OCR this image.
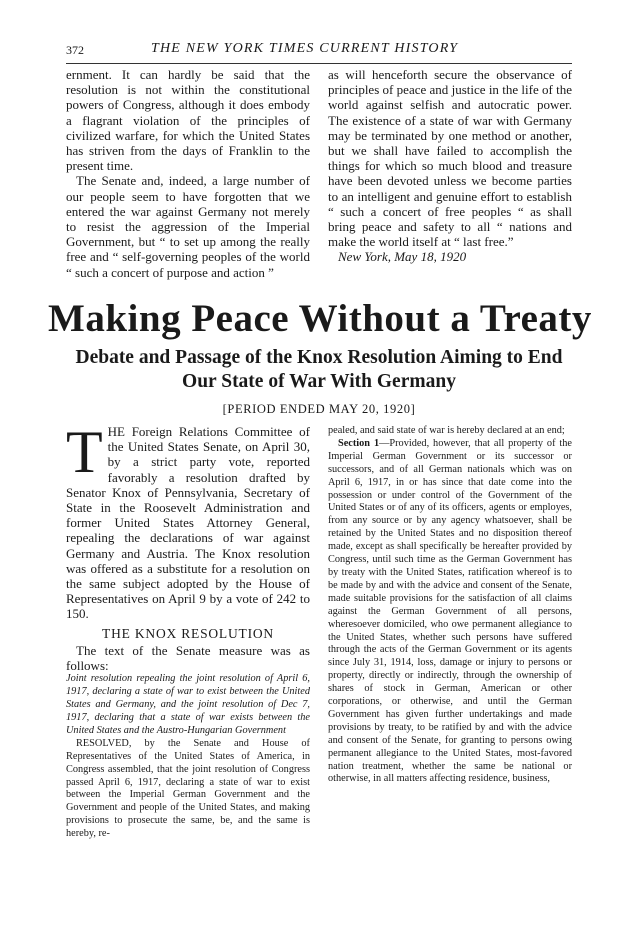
372	THE NEW YORK TIMES CURRENT HISTORY

ernment. It can hardly be said that the resolution is not within the constitutional powers of Congress, although it does embody a flagrant violation of the principles of civilized warfare, for which the United States has striven from the days of Franklin to the present time.

The Senate and, indeed, a large number of our people seem to have forgotten that we entered the war against Germany not merely to resist the aggression of the Imperial Government, but “ to set up among the really free and “ self-governing peoples of the world “ such a concert of purpose and action ”

as will henceforth secure the observance of principles of peace and justice in the life of the world against selfish and autocratic power. The existence of a state of war with Germany may be terminated by one method or another, but we shall have failed to accomplish the things for which so much blood and treasure have been devoted unless we become parties to an intelligent and genuine effort to establish “ such a concert of free peoples “ as shall bring peace and safety to all “ nations and make the world itself at “ last free.”

New York, May 18, 1920

Making Peace Without a Treaty
Debate and Passage of the Knox Resolution Aiming to End Our State of War With Germany
[PERIOD ENDED MAY 20, 1920]

THE Foreign Relations Committee of the United States Senate, on April 30, by a strict party vote, reported favorably a resolution drafted by Senator Knox of Pennsylvania, Secretary of State in the Roosevelt Administration and former United States Attorney General, repealing the declarations of war against Germany and Austria. The Knox resolution was offered as a substitute for a resolution on the same subject adopted by the House of Representatives on April 9 by a vote of 242 to 150.

THE KNOX RESOLUTION

The text of the Senate measure was as follows:

Joint resolution repealing the joint resolution of April 6, 1917, declaring a state of war to exist between the United States and Germany, and the joint resolution of Dec 7, 1917, declaring that a state of war exists between the United States and the Austro-Hungarian Government

RESOLVED, by the Senate and House of Representatives of the United States of America, in Congress assembled, that the joint resolution of Congress passed April 6, 1917, declaring a state of war to exist between the Imperial German Government and the Government and people of the United States, and making provisions to prosecute the same, be, and the same is hereby, re-

pealed, and said state of war is hereby declared at an end;

Section 1—Provided, however, that all property of the Imperial German Government or its successor or successors, and of all German nationals which was on April 6, 1917, in or has since that date come into the possession or under control of the Government of the United States or of any of its officers, agents or employes, from any source or by any agency whatsoever, shall be retained by the United States and no disposition thereof made, except as shall specifically be hereafter provided by Congress, until such time as the German Government has by treaty with the United States, ratification whereof is to be made by and with the advice and consent of the Senate, made suitable provisions for the satisfaction of all claims against the German Government of all persons, wheresoever domiciled, who owe permanent allegiance to the United States, whether such persons have suffered through the acts of the German Government or its agents since July 31, 1914, loss, damage or injury to persons or property, directly or indirectly, through the ownership of shares of stock in German, American or other corporations, or otherwise, and until the German Government has given further undertakings and made provisions by treaty, to be ratified by and with the advice and consent of the Senate, for granting to persons owing permanent allegiance to the United States, most-favored nation treatment, whether the same be national or otherwise, in all matters affecting residence, business,
